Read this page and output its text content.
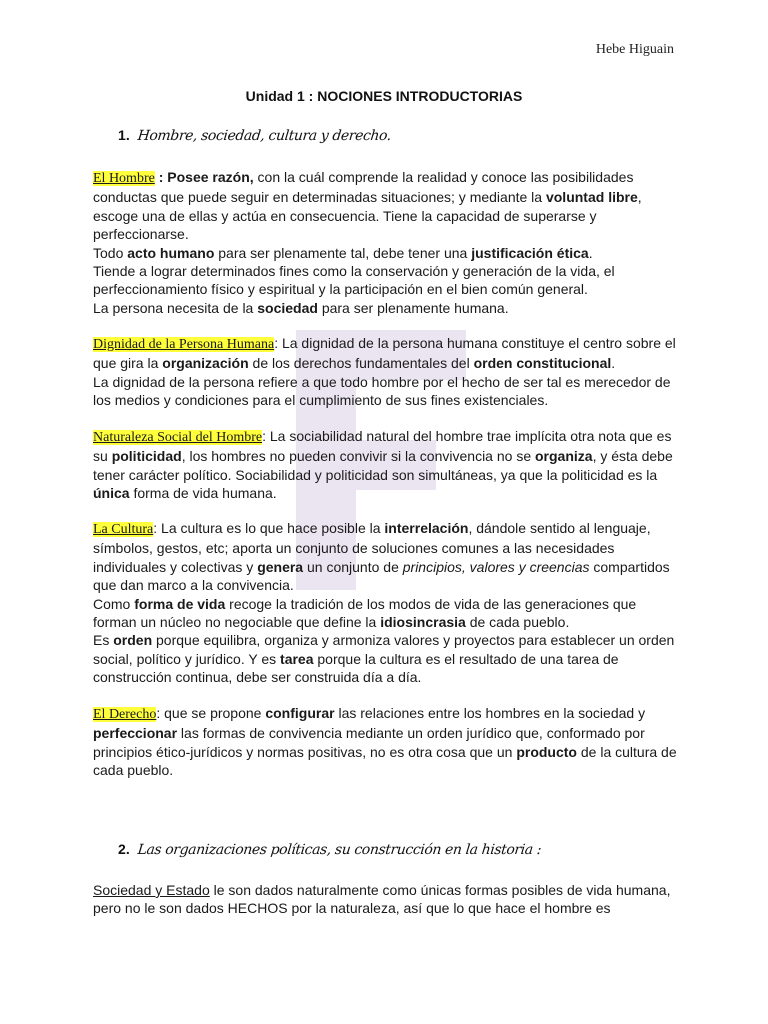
Hebe Higuain
Unidad 1 : NOCIONES INTRODUCTORIAS
1. Hombre, sociedad, cultura y derecho.

El Hombre : Posee razón, con la cuál comprende la realidad y conoce las posibilidades conductas que puede seguir en determinadas situaciones; y mediante la voluntad libre, escoge una de ellas y actúa en consecuencia. Tiene la capacidad de superarse y perfeccionarse.

Todo acto humano para ser plenamente tal, debe tener una justificación ética.

Tiende a lograr determinados fines como la conservación y generación de la vida, el perfeccionamiento físico y espiritual y la participación en el bien común general.

La persona necesita de la sociedad para ser plenamente humana.

Dignidad de la Persona Humana: La dignidad de la persona humana constituye el centro sobre el que gira la organización de los derechos fundamentales del orden constitucional.

La dignidad de la persona refiere a que todo hombre por el hecho de ser tal es merecedor de los medios y condiciones para el cumplimiento de sus fines existenciales.

Naturaleza Social del Hombre: La sociabilidad natural del hombre trae implícita otra nota que es su politicidad, los hombres no pueden convivir si la convivencia no se organiza, y ésta debe tener carácter político. Sociabilidad y politicidad son simultáneas, ya que la politicidad es la única forma de vida humana.

La Cultura: La cultura es lo que hace posible la interrelación, dándole sentido al lenguaje, símbolos, gestos, etc; aporta un conjunto de soluciones comunes a las necesidades individuales y colectivas y genera un conjunto de principios, valores y creencias compartidos que dan marco a la convivencia.

Como forma de vida recoge la tradición de los modos de vida de las generaciones que forman un núcleo no negociable que define la idiosincrasia de cada pueblo.

Es orden porque equilibra, organiza y armoniza valores y proyectos para establecer un orden social, político y jurídico. Y es tarea porque la cultura es el resultado de una tarea de construcción continua, debe ser construida día a día.

El Derecho: que se propone configurar las relaciones entre los hombres en la sociedad y perfeccionar las formas de convivencia mediante un orden jurídico que, conformado por principios ético-jurídicos y normas positivas, no es otra cosa que un producto de la cultura de cada pueblo.

2. Las organizaciones políticas, su construcción en la historia :

Sociedad y Estado le son dados naturalmente como únicas formas posibles de vida humana, pero no le son dados HECHOS por la naturaleza, así que lo que hace el hombre es
